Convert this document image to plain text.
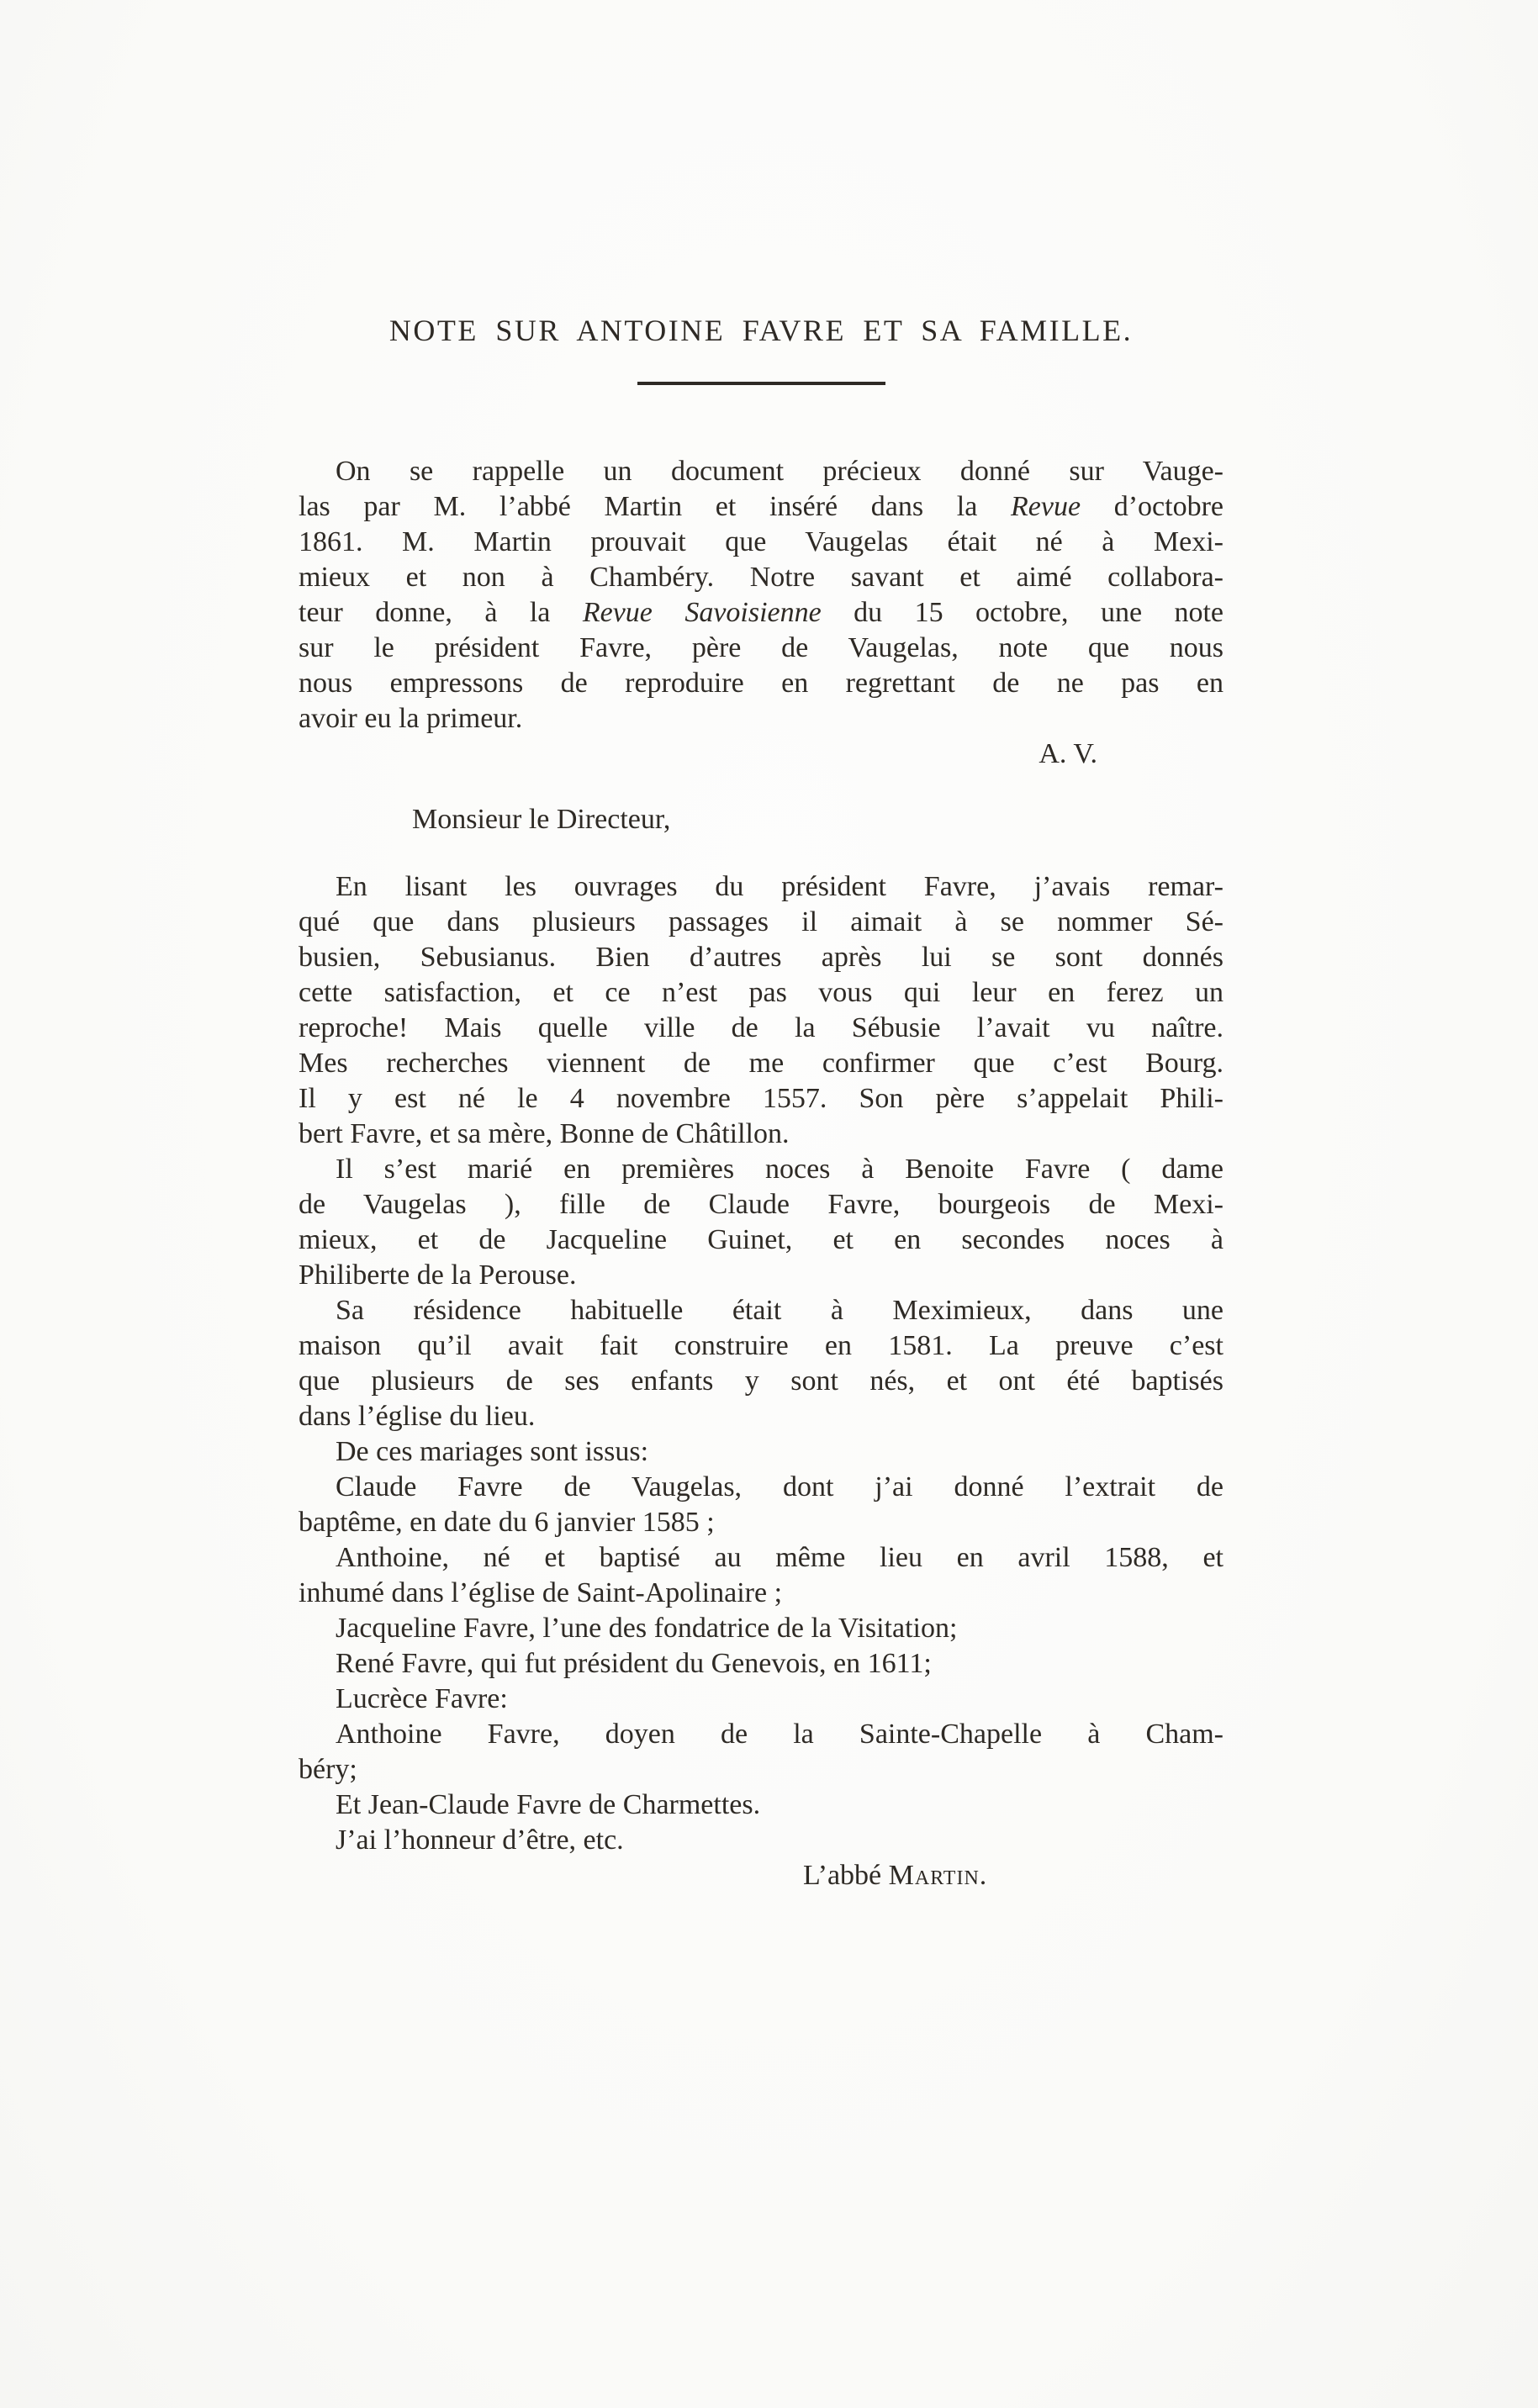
NOTE SUR ANTOINE FAVRE ET SA FAMILLE.
On se rappelle un document précieux donné sur Vauge-
las par M. l’abbé Martin et inséré dans la Revue d’octobre
1861. M. Martin prouvait que Vaugelas était né à Mexi-
mieux et non à Chambéry. Notre savant et aimé collabora-
teur donne, à la Revue Savoisienne du 15 octobre, une note
sur le président Favre, père de Vaugelas, note que nous
nous empressons de reproduire en regrettant de ne pas en
avoir eu la primeur.
A. V.
Monsieur le Directeur,
En lisant les ouvrages du président Favre, j’avais remar-
qué que dans plusieurs passages il aimait à se nommer Sé-
busien, Sebusianus. Bien d’autres après lui se sont donnés
cette satisfaction, et ce n’est pas vous qui leur en ferez un
reproche! Mais quelle ville de la Sébusie l’avait vu naître.
Mes recherches viennent de me confirmer que c’est Bourg.
Il y est né le 4 novembre 1557. Son père s’appelait Phili-
bert Favre, et sa mère, Bonne de Châtillon.
Il s’est marié en premières noces à Benoite Favre ( dame
de Vaugelas ), fille de Claude Favre, bourgeois de Mexi-
mieux, et de Jacqueline Guinet, et en secondes noces à
Philiberte de la Perouse.
Sa résidence habituelle était à Meximieux, dans une
maison qu’il avait fait construire en 1581. La preuve c’est
que plusieurs de ses enfants y sont nés, et ont été baptisés
dans l’église du lieu.
De ces mariages sont issus:
Claude Favre de Vaugelas, dont j’ai donné l’extrait de
baptême, en date du 6 janvier 1585 ;
Anthoine, né et baptisé au même lieu en avril 1588, et
inhumé dans l’église de Saint-Apolinaire ;
Jacqueline Favre, l’une des fondatrice de la Visitation;
René Favre, qui fut président du Genevois, en 1611;
Lucrèce Favre:
Anthoine Favre, doyen de la Sainte-Chapelle à Cham-
béry;
Et Jean-Claude Favre de Charmettes.
J’ai l’honneur d’être, etc.
L’abbé Martin.
